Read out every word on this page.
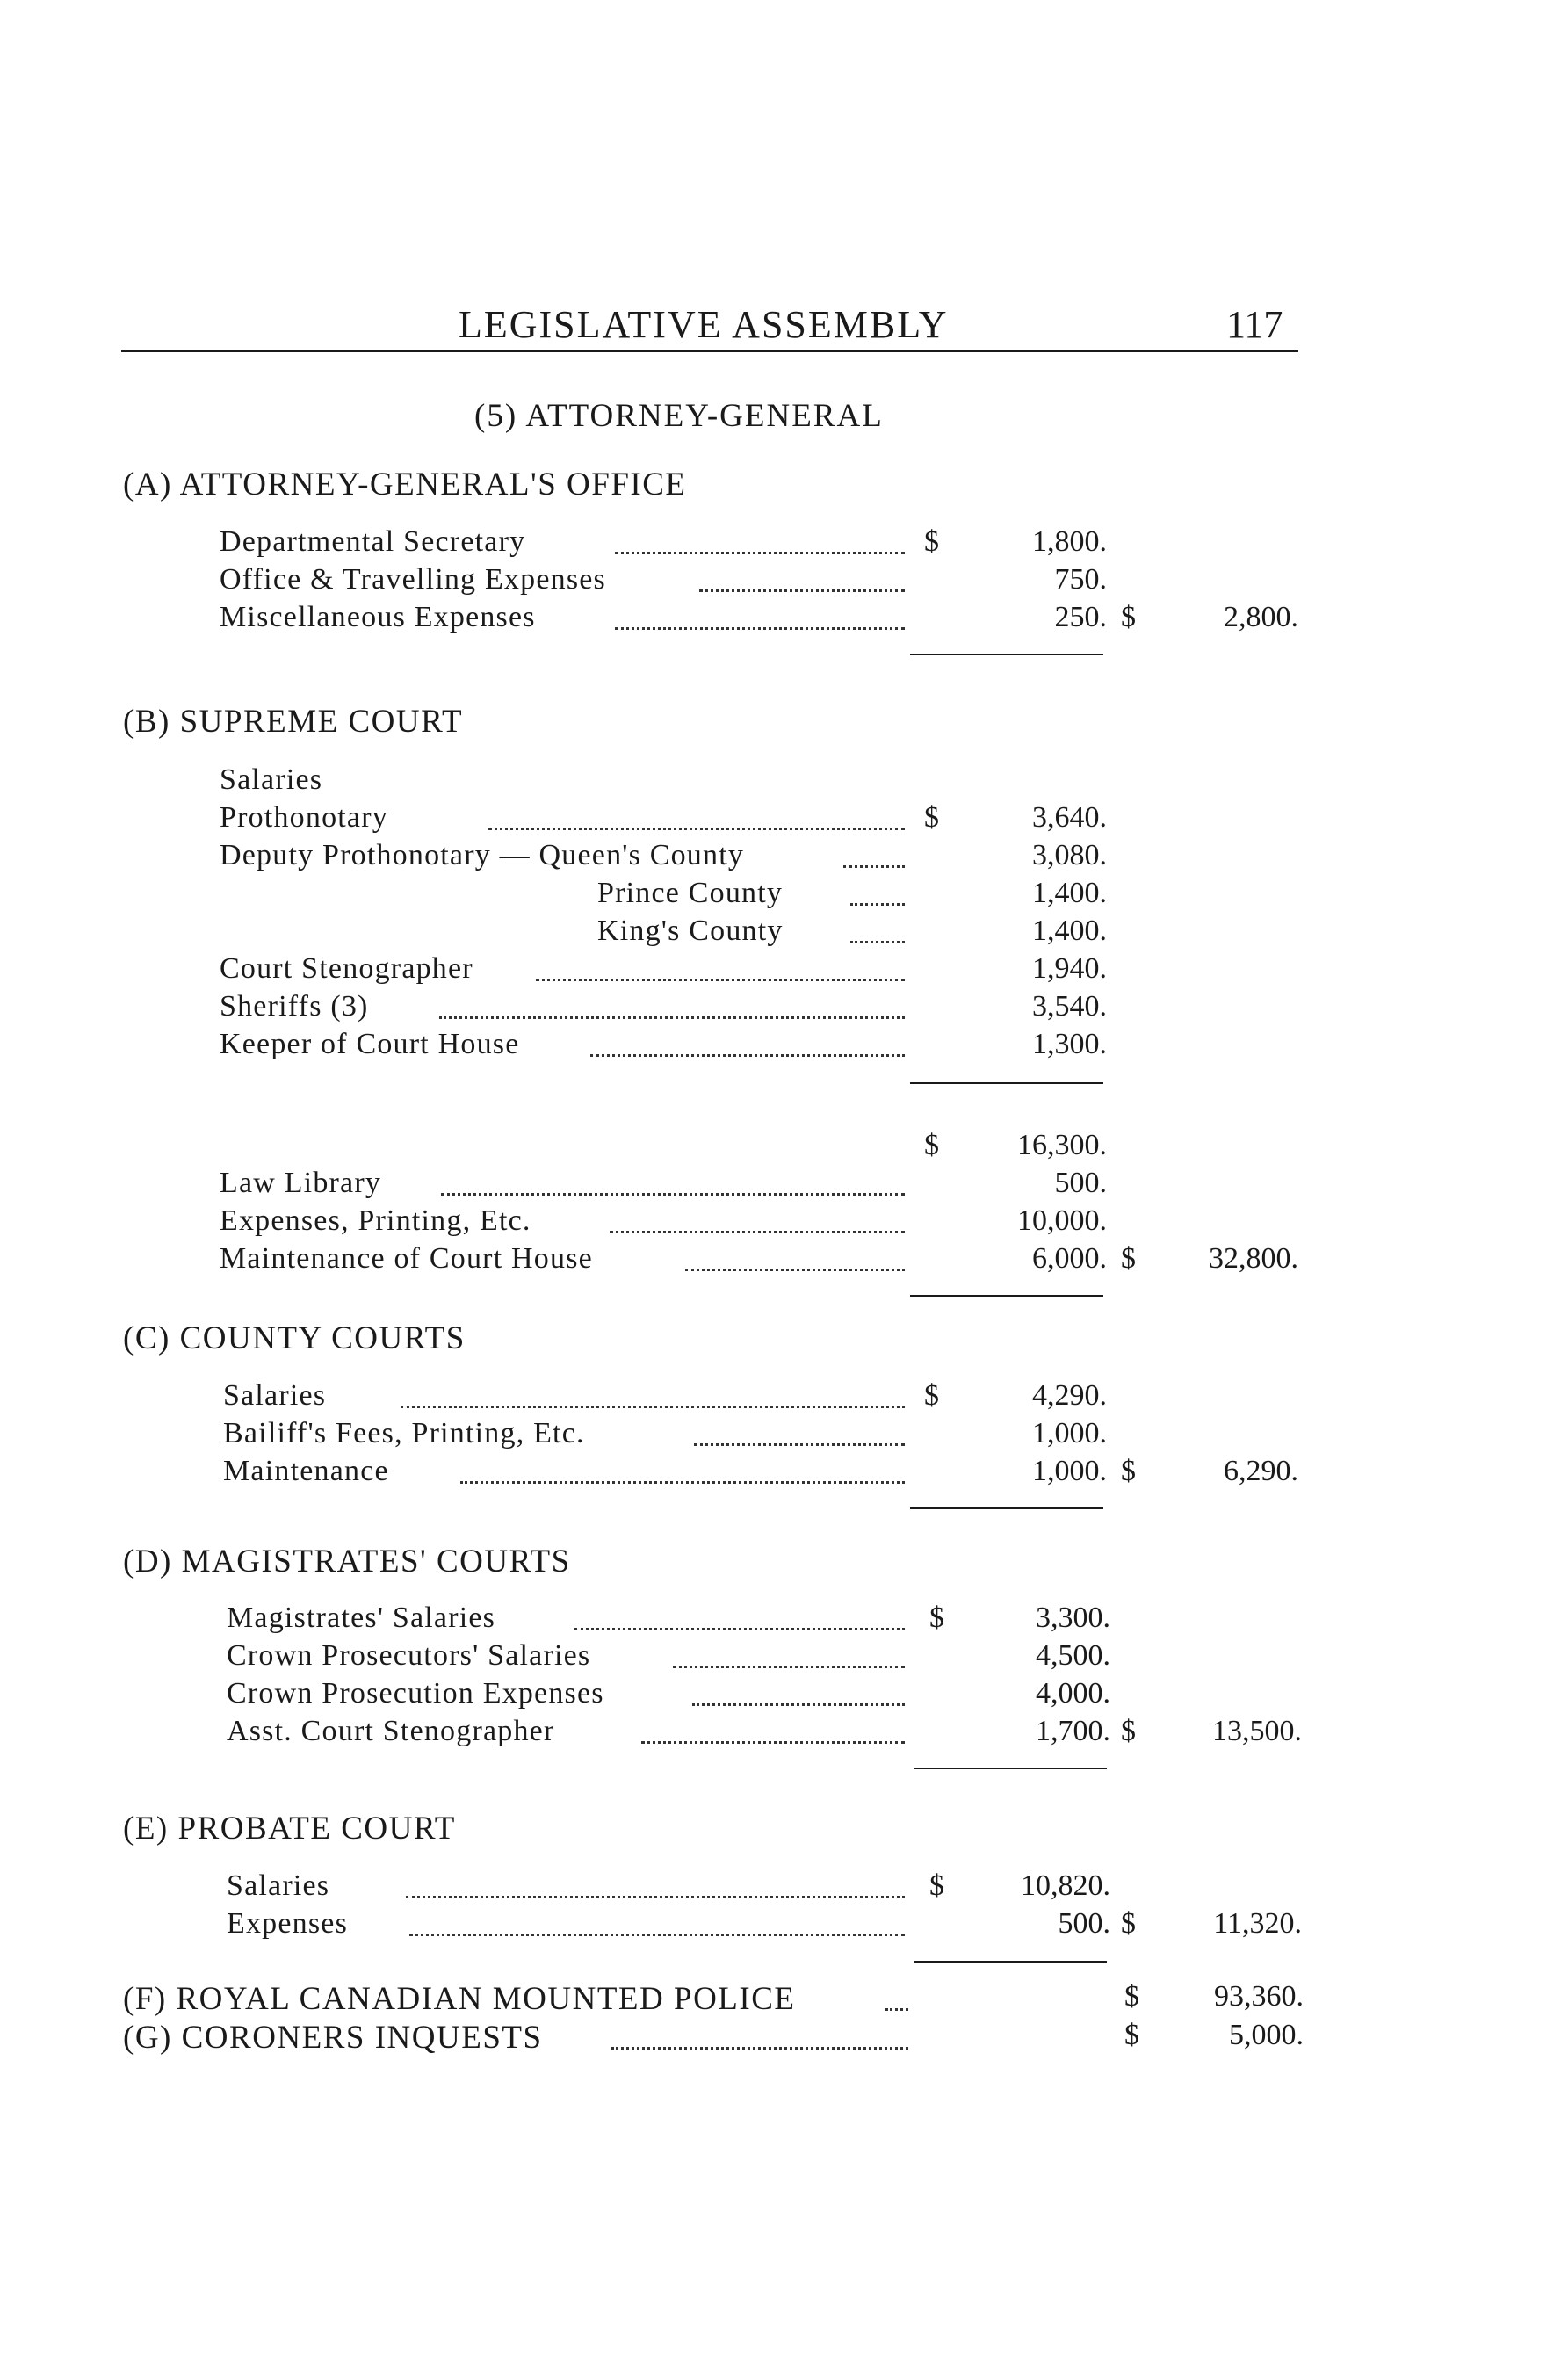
LEGISLATIVE ASSEMBLY	117
(5) ATTORNEY-GENERAL
(A) ATTORNEY-GENERAL'S OFFICE
Departmental Secretary	$	1,800.
Office & Travelling Expenses	750.
Miscellaneous Expenses	250. $	2,800.
(B) SUPREME COURT
Salaries
Prothonotary	$	3,640.
Deputy Prothonotary — Queen's County	3,080.
Prince County	1,400.
King's County	1,400.
Court Stenographer	1,940.
Sheriffs (3)	3,540.
Keeper of Court House	1,300.
$	16,300.
Law Library	500.
Expenses, Printing, Etc.	10,000.
Maintenance of Court House	6,000. $	32,800.
(C) COUNTY COURTS
Salaries	$	4,290.
Bailiff's Fees, Printing, Etc.	1,000.
Maintenance	1,000. $	6,290.
(D) MAGISTRATES' COURTS
Magistrates' Salaries	$	3,300.
Crown Prosecutors' Salaries	4,500.
Crown Prosecution Expenses	4,000.
Asst. Court Stenographer	1,700. $	13,500.
(E) PROBATE COURT
Salaries	$	10,820.
Expenses	500. $	11,320.
(F) ROYAL CANADIAN MOUNTED POLICE	$	93,360.
(G) CORONERS INQUESTS	$	5,000.
